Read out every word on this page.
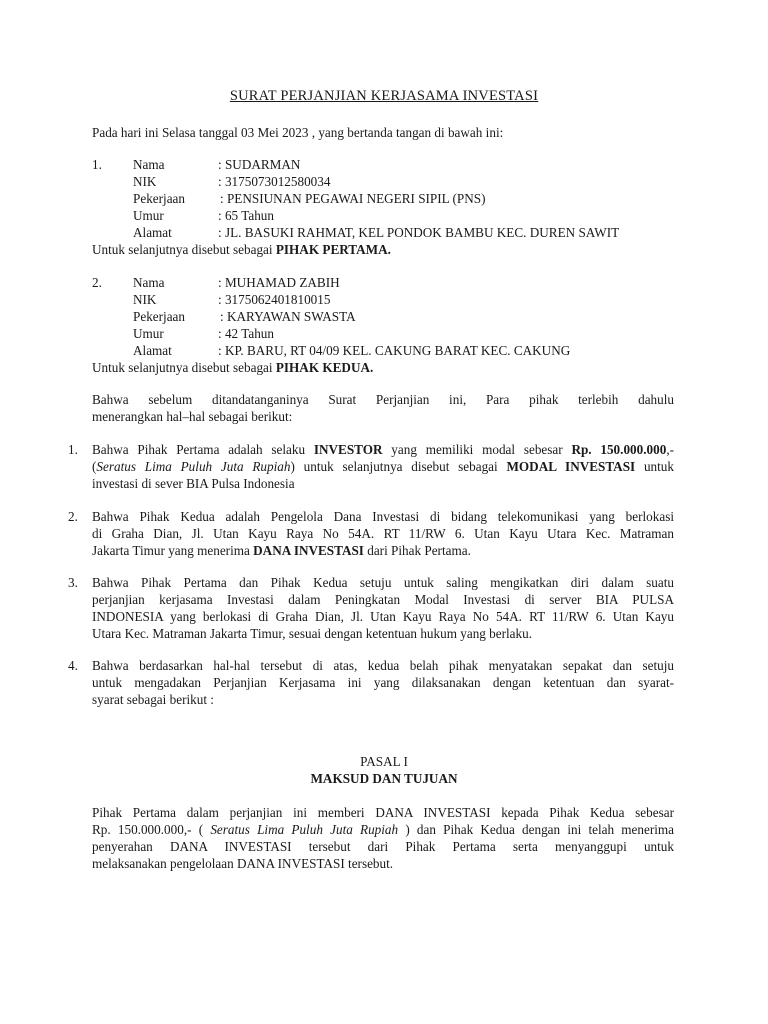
SURAT PERJANJIAN KERJASAMA INVESTASI
Pada hari ini Selasa tanggal 03 Mei 2023 , yang bertanda tangan di bawah ini:
1. Nama	: SUDARMAN
NIK	: 3175073012580034
Pekerjaan	: PENSIUNAN PEGAWAI NEGERI SIPIL (PNS)
Umur	: 65 Tahun
Alamat	: JL. BASUKI RAHMAT, KEL PONDOK BAMBU KEC. DUREN SAWIT
Untuk selanjutnya disebut sebagai PIHAK PERTAMA.
2. Nama	: MUHAMAD ZABIH
NIK	: 3175062401810015
Pekerjaan	: KARYAWAN SWASTA
Umur	: 42 Tahun
Alamat	: KP. BARU, RT 04/09 KEL. CAKUNG BARAT KEC. CAKUNG
Untuk selanjutnya disebut sebagai PIHAK KEDUA.
Bahwa sebelum ditandatanganinya Surat Perjanjian ini, Para pihak terlebih dahulu
menerangkan hal–hal sebagai berikut:
1. Bahwa Pihak Pertama adalah selaku INVESTOR yang memiliki modal sebesar Rp. 150.000.000,-
(Seratus Lima Puluh Juta Rupiah) untuk selanjutnya disebut sebagai MODAL INVESTASI untuk
investasi di sever BIA Pulsa Indonesia
2. Bahwa Pihak Kedua adalah Pengelola Dana Investasi di bidang telekomunikasi yang berlokasi
di Graha Dian, Jl. Utan Kayu Raya No 54A. RT 11/RW 6. Utan Kayu Utara Kec. Matraman
Jakarta Timur yang menerima DANA INVESTASI dari Pihak Pertama.
3. Bahwa Pihak Pertama dan Pihak Kedua setuju untuk saling mengikatkan diri dalam suatu
perjanjian kerjasama Investasi dalam Peningkatan Modal Investasi di server BIA PULSA
INDONESIA yang berlokasi di Graha Dian, Jl. Utan Kayu Raya No 54A. RT 11/RW 6. Utan Kayu
Utara Kec. Matraman Jakarta Timur, sesuai dengan ketentuan hukum yang berlaku.
4. Bahwa berdasarkan hal-hal tersebut di atas, kedua belah pihak menyatakan sepakat dan setuju
untuk mengadakan Perjanjian Kerjasama ini yang dilaksanakan dengan ketentuan dan syarat-
syarat sebagai berikut :
PASAL I
MAKSUD DAN TUJUAN
Pihak Pertama dalam perjanjian ini memberi DANA INVESTASI kepada Pihak Kedua sebesar
Rp. 150.000.000,- ( Seratus Lima Puluh Juta Rupiah ) dan Pihak Kedua dengan ini telah menerima
penyerahan DANA INVESTASI tersebut dari Pihak Pertama serta menyanggupi untuk
melaksanakan pengelolaan DANA INVESTASI tersebut.
